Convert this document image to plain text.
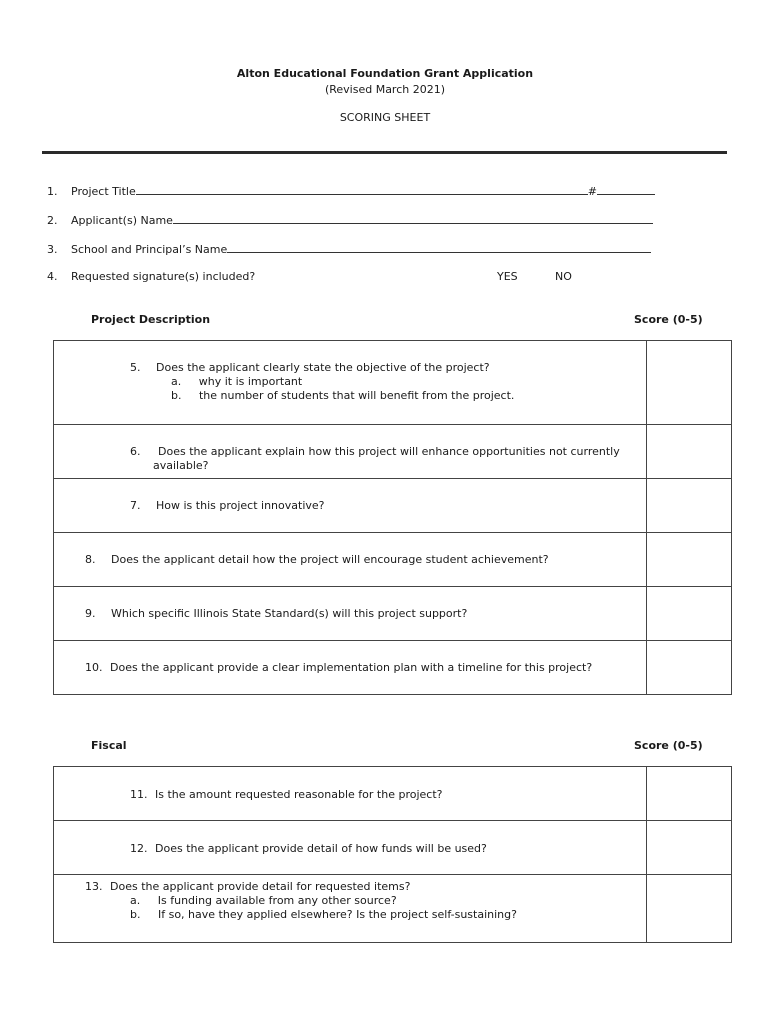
Alton Educational Foundation Grant Application
(Revised March 2021)
SCORING SHEET
1.	Project Title	#
2.	Applicant(s) Name
3.	School and Principal’s Name
4.	Requested signature(s) included?	YES	NO
Project Description	Score (0-5)
5. Does the applicant clearly state the objective of the project?
a. why it is important
b. the number of students that will benefit from the project.	

6. Does the applicant explain how this project will enhance opportunities not currently
available?	

7. How is this project innovative?	

8. Does the applicant detail how the project will encourage student achievement?	

9. Which specific Illinois State Standard(s) will this project support?	

10. Does the applicant provide a clear implementation plan with a timeline for this project?	

Fiscal	Score (0-5)
11. Is the amount requested reasonable for the project?	

12. Does the applicant provide detail of how funds will be used?	

13. Does the applicant provide detail for requested items?
a. Is funding available from any other source?
b. If so, have they applied elsewhere? Is the project self-sustaining?	
